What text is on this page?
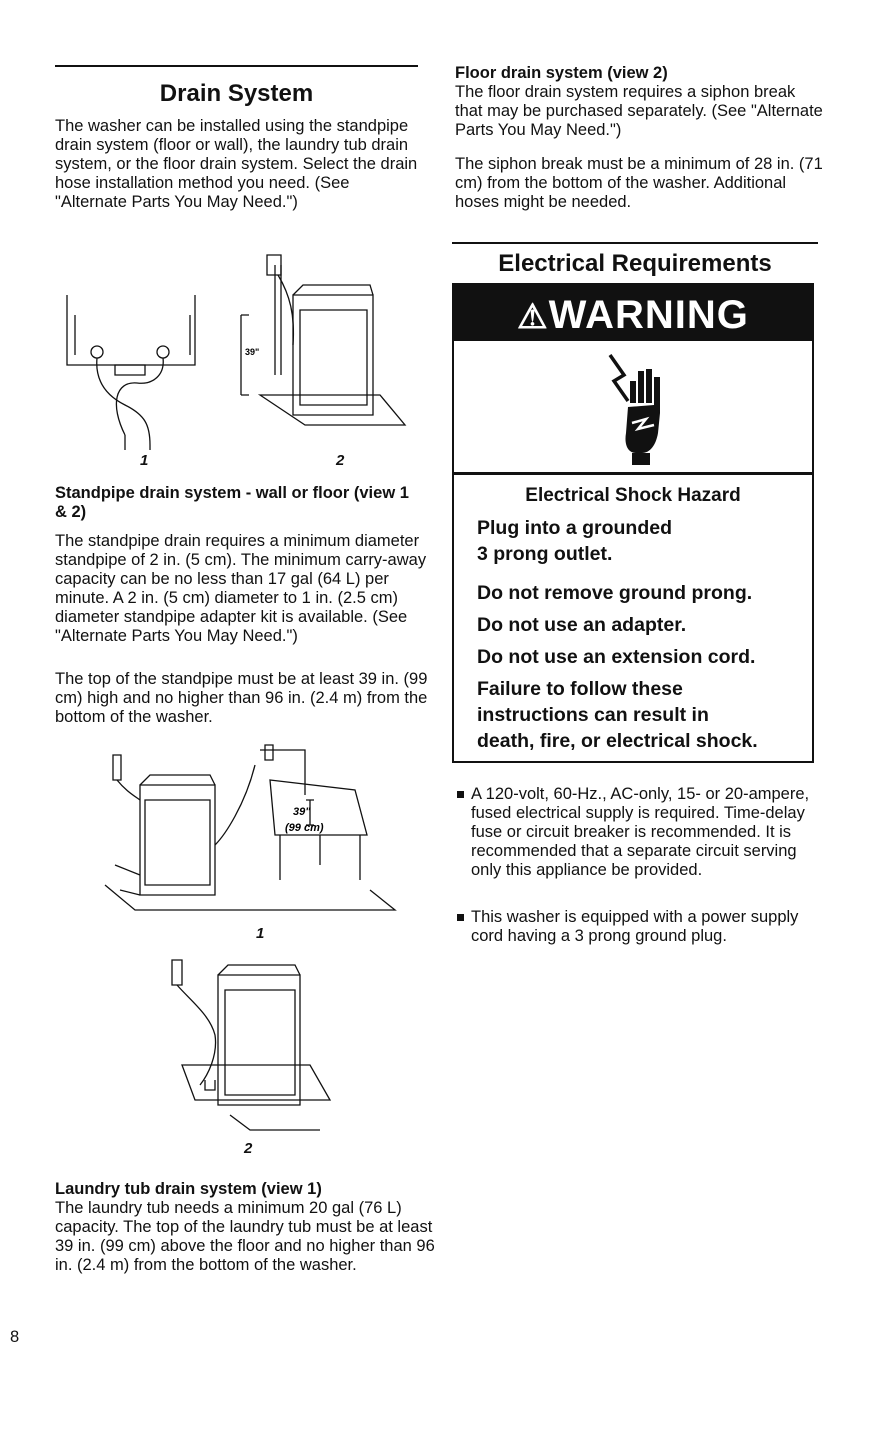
Drain System

The washer can be installed using the standpipe drain system (floor or wall), the laundry tub drain system, or the floor drain system. Select the drain hose installation method you need. (See "Alternate Parts You May Need.")

39"
1	2

Standpipe drain system - wall or floor (view 1 & 2)

The standpipe drain requires a minimum diameter standpipe of 2 in. (5 cm). The minimum carry-away capacity can be no less than 17 gal (64 L) per minute. A 2 in. (5 cm) diameter to 1 in. (2.5 cm) diameter standpipe adapter kit is available. (See "Alternate Parts You May Need.")

The top of the standpipe must be at least 39 in. (99 cm) high and no higher than 96 in. (2.4 m) from the bottom of the washer.

39"
(99 cm)
1
2

Laundry tub drain system (view 1)

The laundry tub needs a minimum 20 gal (76 L) capacity. The top of the laundry tub must be at least 39 in. (99 cm) above the floor and no higher than 96 in. (2.4 m) from the bottom of the washer.

8

Floor drain system (view 2)

The floor drain system requires a siphon break that may be purchased separately. (See "Alternate Parts You May Need.")

The siphon break must be a minimum of 28 in. (71 cm) from the bottom of the washer. Additional hoses might be needed.

Electrical Requirements
⚠WARNING
Electrical Shock Hazard
Plug into a grounded
3 prong outlet.
Do not remove ground prong.
Do not use an adapter.
Do not use an extension cord.
Failure to follow these
instructions can result in
death, fire, or electrical shock.
A 120-volt, 60-Hz., AC-only, 15- or 20-ampere, fused electrical supply is required. Time-delay fuse or circuit breaker is recommended. It is recommended that a separate circuit serving only this appliance be provided.
This washer is equipped with a power supply cord having a 3 prong ground plug.
